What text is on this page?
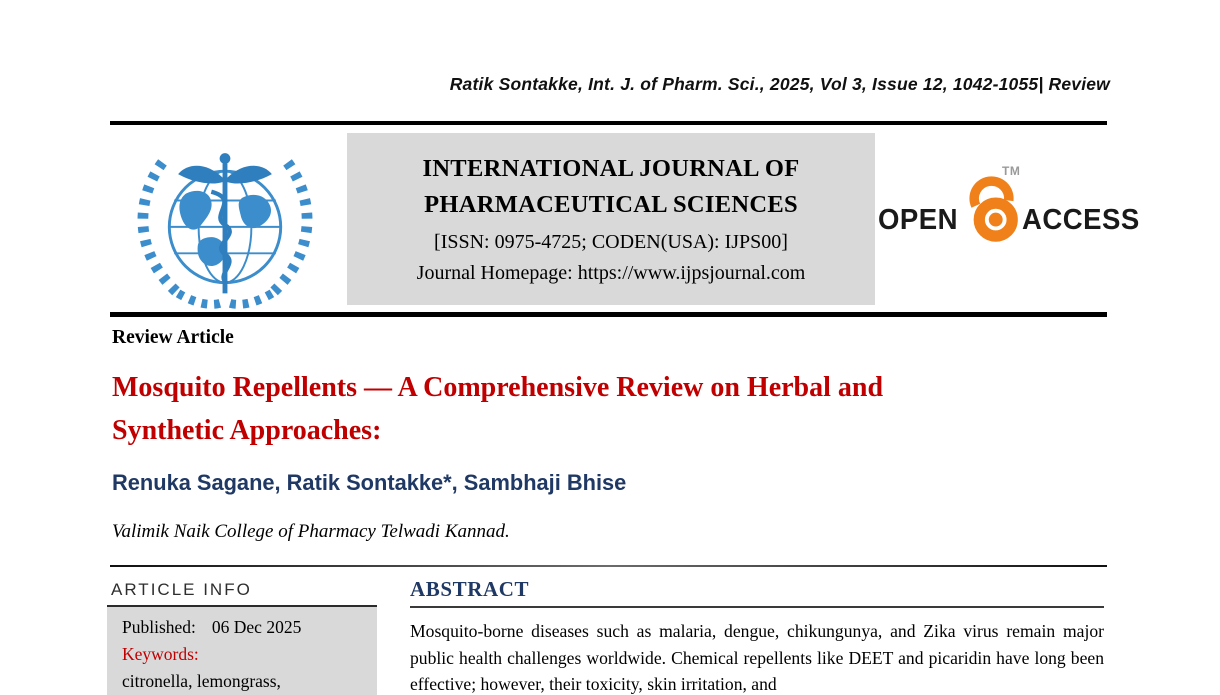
Ratik Sontakke, Int. J. of Pharm. Sci., 2025, Vol 3, Issue 12, 1042-1055| Review
INTERNATIONAL JOURNAL OF
PHARMACEUTICAL SCIENCES
[ISSN: 0975-4725; CODEN(USA): IJPS00]
Journal Homepage: https://www.ijpsjournal.com
OPEN
TM
ACCESS
Review Article
Mosquito Repellents — A Comprehensive Review on Herbal and
Synthetic Approaches:
Renuka Sagane, Ratik Sontakke*, Sambhaji Bhise
Valimik Naik College of Pharmacy Telwadi Kannad.
ARTICLE INFO
Published: 06 Dec 2025
Keywords:
citronella, lemongrass,
ABSTRACT
Mosquito-borne diseases such as malaria, dengue, chikungunya, and Zika virus remain major public health challenges worldwide. Chemical repellents like DEET and picaridin have long been effective; however, their toxicity, skin irritation, and
